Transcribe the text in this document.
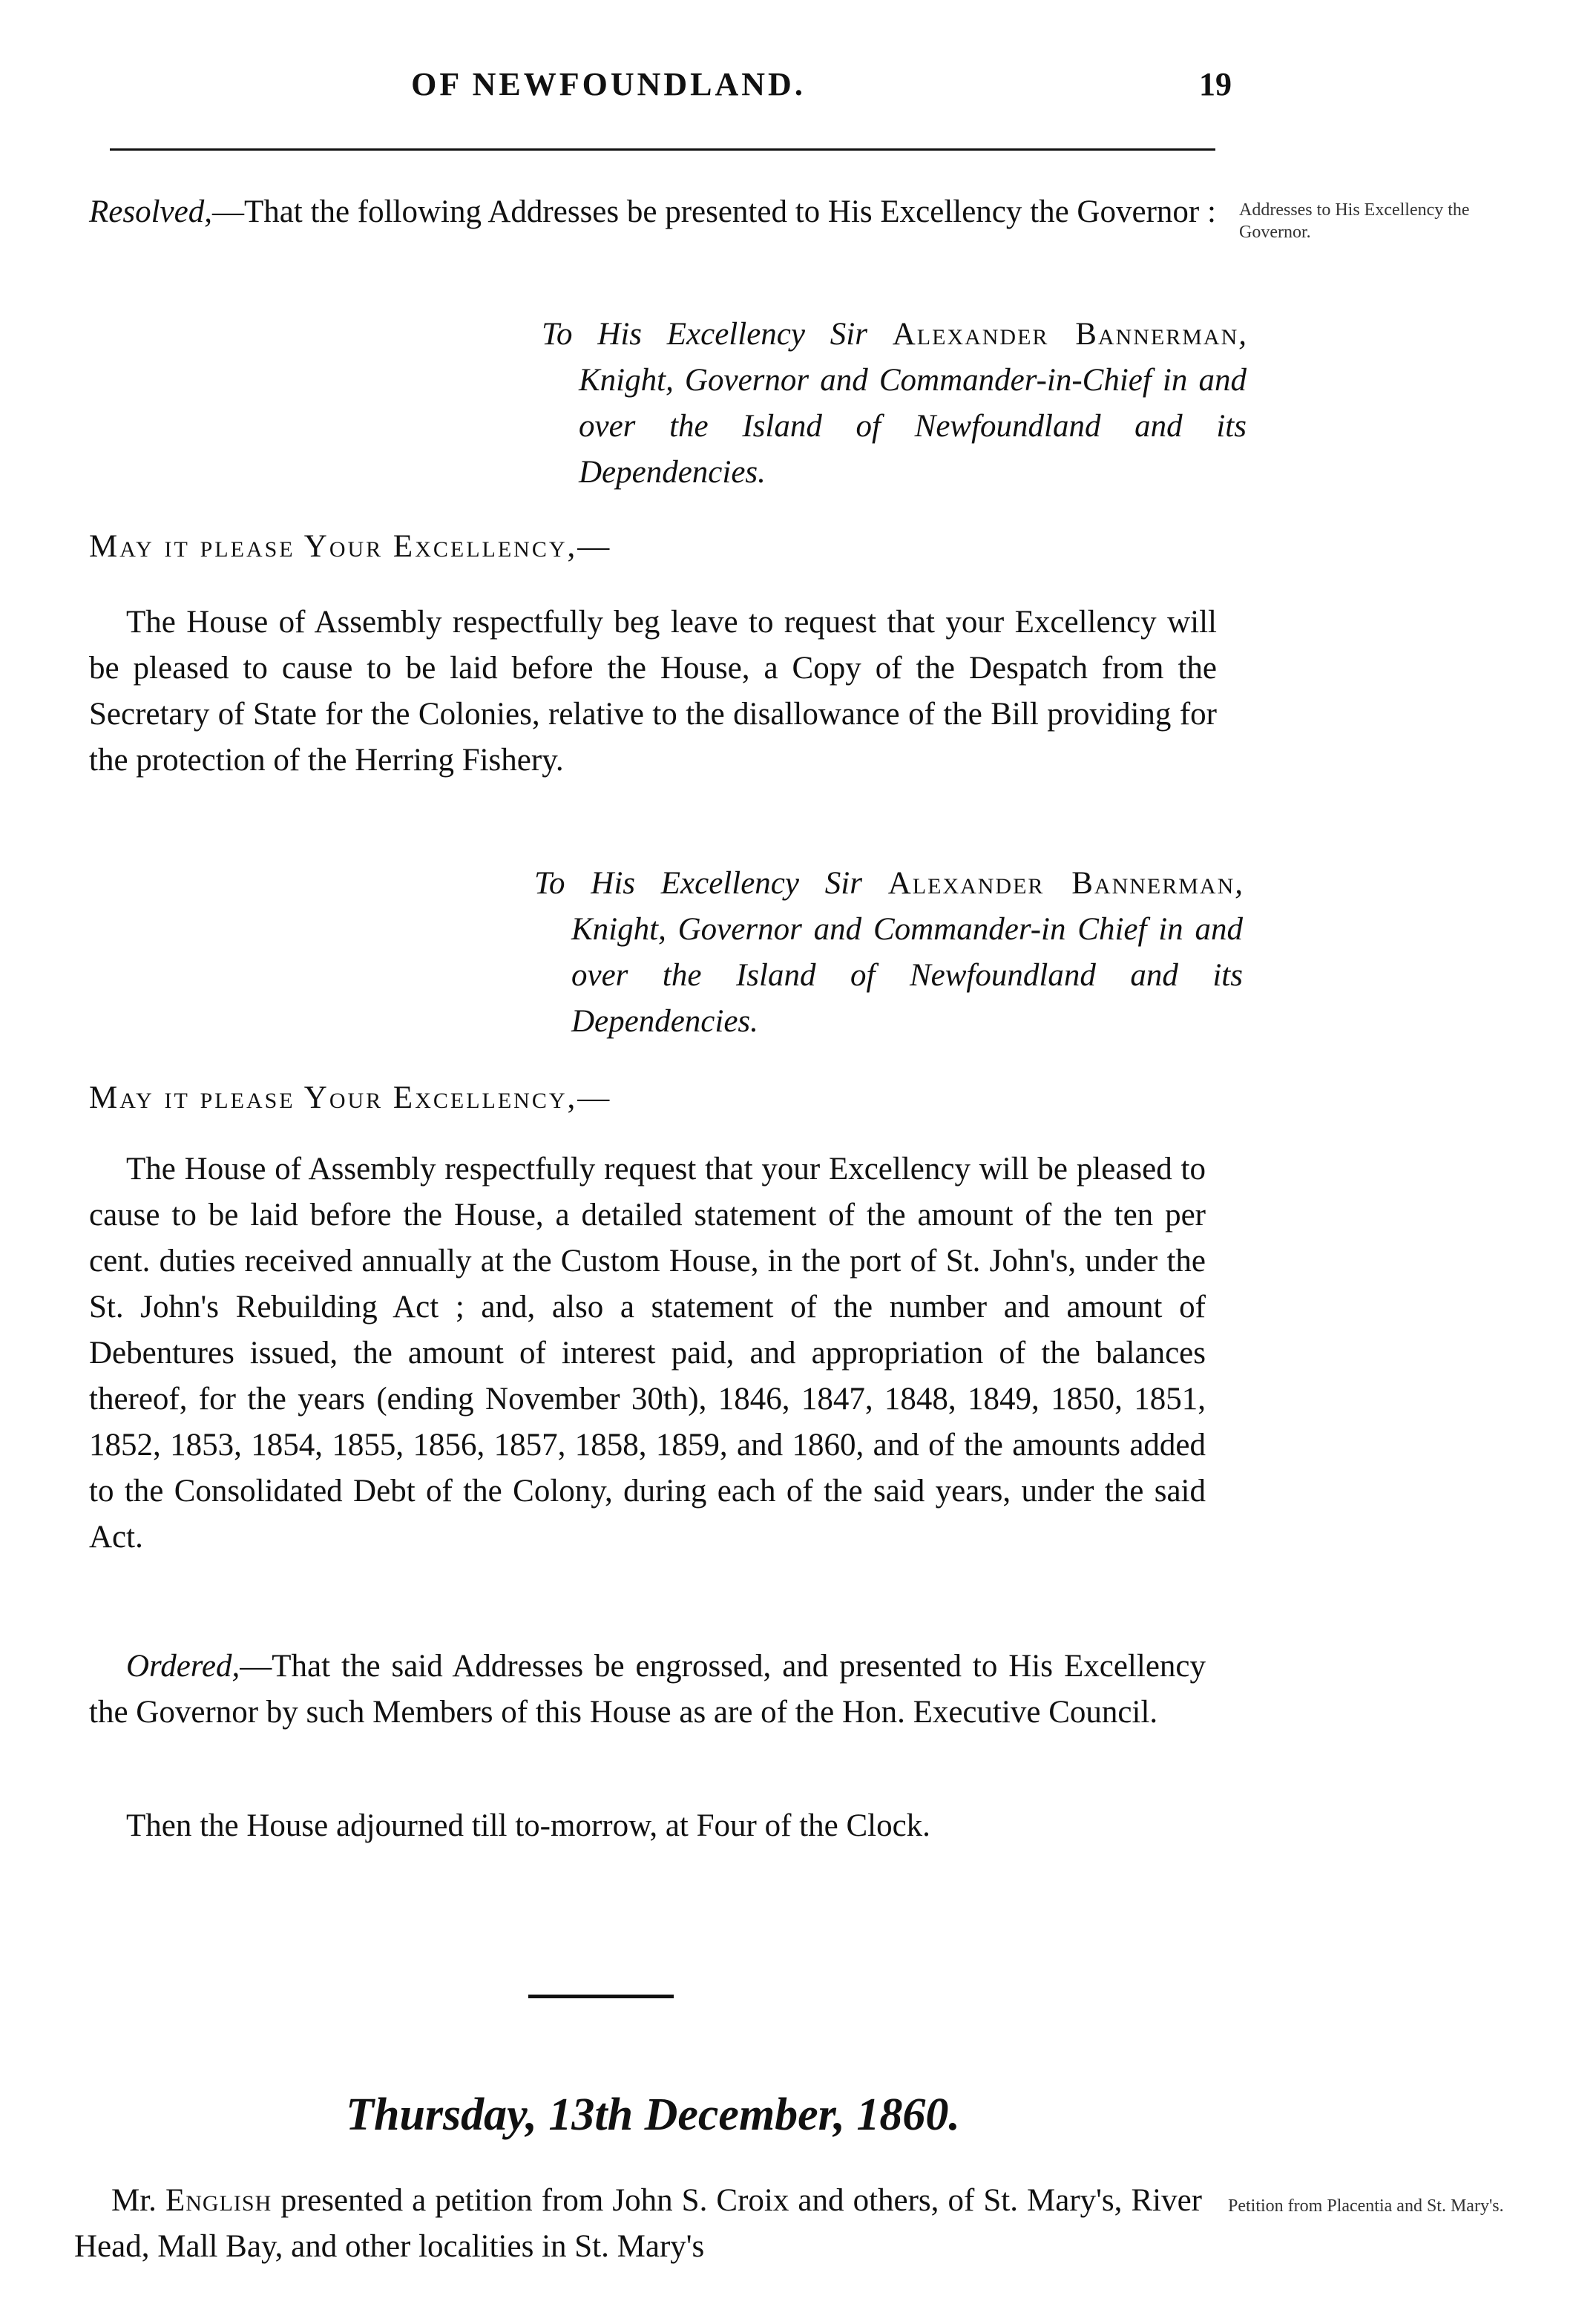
OF NEWFOUNDLAND.	19

Resolved,—That the following Addresses be presented to His Excellency the Governor : Addresses to His Excellency the Governor.
To His Excellency Sir Alexander Bannerman, Knight, Governor and Commander-in-Chief in and over the Island of Newfoundland and its Dependencies.
May it please Your Excellency,—

The House of Assembly respectfully beg leave to request that your Excellency will be pleased to cause to be laid before the House, a Copy of the Despatch from the Secretary of State for the Colonies, relative to the disallowance of the Bill providing for the protection of the Herring Fishery.

To His Excellency Sir Alexander Bannerman, Knight, Governor and Commander-in Chief in and over the Island of Newfoundland and its Dependencies.
May it please Your Excellency,—

The House of Assembly respectfully request that your Excellency will be pleased to cause to be laid before the House, a detailed statement of the amount of the ten per cent. duties received annually at the Custom House, in the port of St. John's, under the St. John's Rebuilding Act ; and, also a statement of the number and amount of Debentures issued, the amount of interest paid, and appropriation of the balances thereof, for the years (ending November 30th), 1846, 1847, 1848, 1849, 1850, 1851, 1852, 1853, 1854, 1855, 1856, 1857, 1858, 1859, and 1860, and of the amounts added to the Consolidated Debt of the Colony, during each of the said years, under the said Act.

Ordered,—That the said Addresses be engrossed, and presented to His Excellency the Governor by such Members of this House as are of the Hon. Executive Council.

Then the House adjourned till to-morrow, at Four of the Clock.

Thursday, 13th December, 1860.

Mr. English presented a petition from John S. Croix and others, of St. Mary's, River Head, Mall Bay, and other localities in St. Mary's

Petition from Placentia and St. Mary's.
